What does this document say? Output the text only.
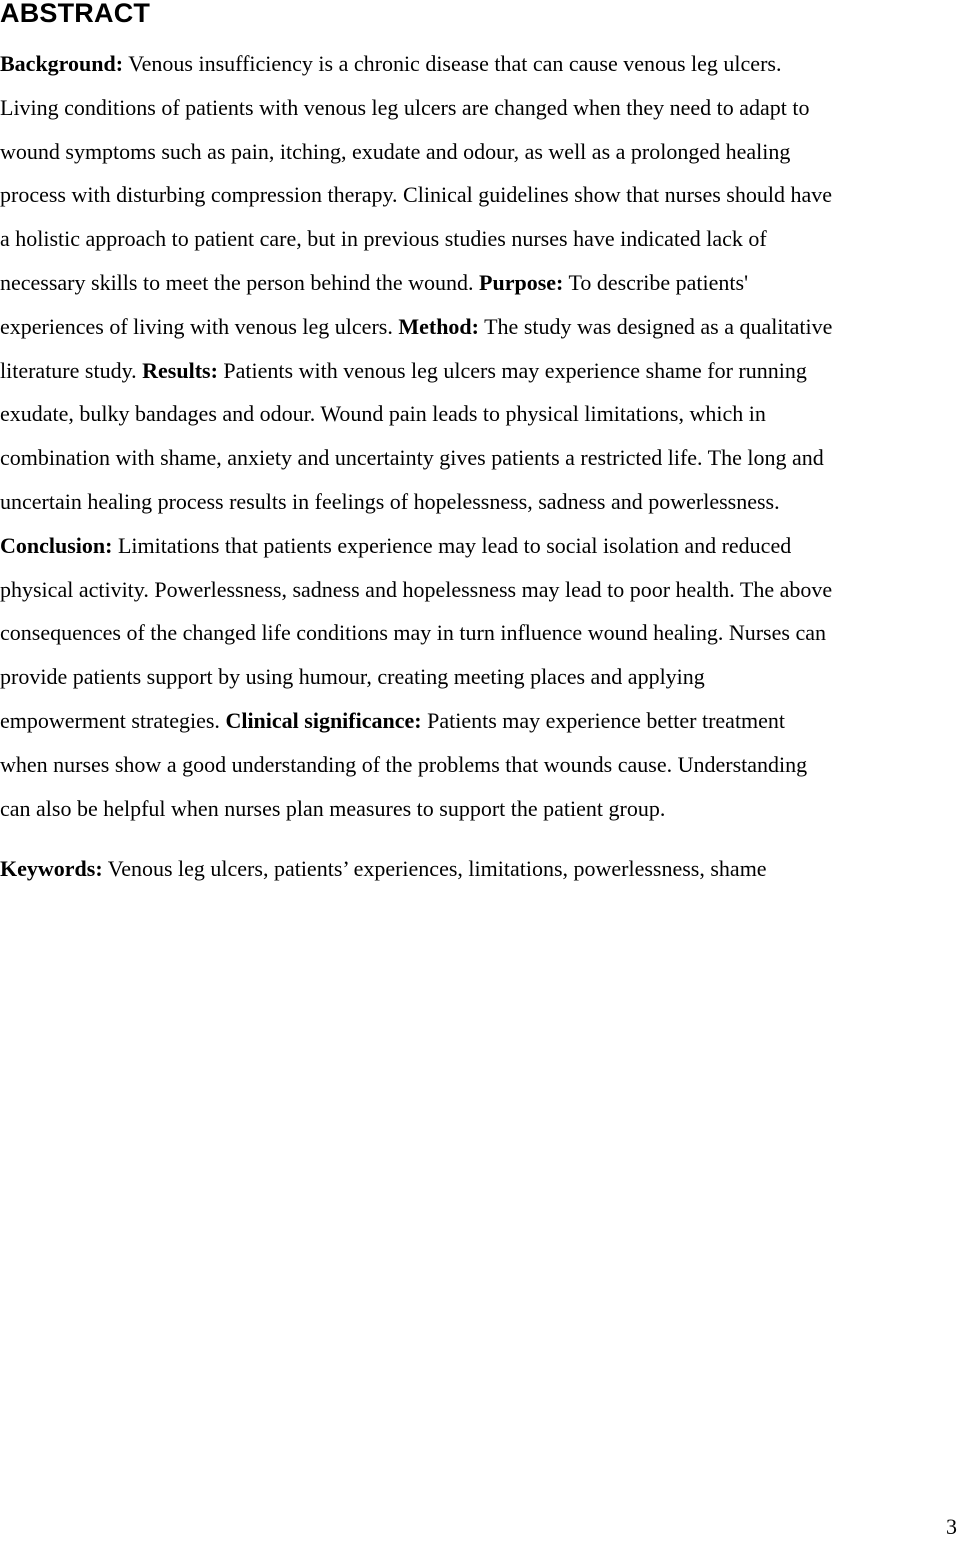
ABSTRACT
Background: Venous insufficiency is a chronic disease that can cause venous leg ulcers.
Living conditions of patients with venous leg ulcers are changed when they need to adapt to
wound symptoms such as pain, itching, exudate and odour, as well as a prolonged healing
process with disturbing compression therapy. Clinical guidelines show that nurses should have
a holistic approach to patient care, but in previous studies nurses have indicated lack of
necessary skills to meet the person behind the wound. Purpose: To describe patients'
experiences of living with venous leg ulcers. Method: The study was designed as a qualitative
literature study. Results: Patients with venous leg ulcers may experience shame for running
exudate, bulky bandages and odour. Wound pain leads to physical limitations, which in
combination with shame, anxiety and uncertainty gives patients a restricted life. The long and
uncertain healing process results in feelings of hopelessness, sadness and powerlessness.
Conclusion: Limitations that patients experience may lead to social isolation and reduced
physical activity. Powerlessness, sadness and hopelessness may lead to poor health. The above
consequences of the changed life conditions may in turn influence wound healing. Nurses can
provide patients support by using humour, creating meeting places and applying
empowerment strategies. Clinical significance: Patients may experience better treatment
when nurses show a good understanding of the problems that wounds cause. Understanding
can also be helpful when nurses plan measures to support the patient group.

Keywords: Venous leg ulcers, patients’ experiences, limitations, powerlessness, shame

3
